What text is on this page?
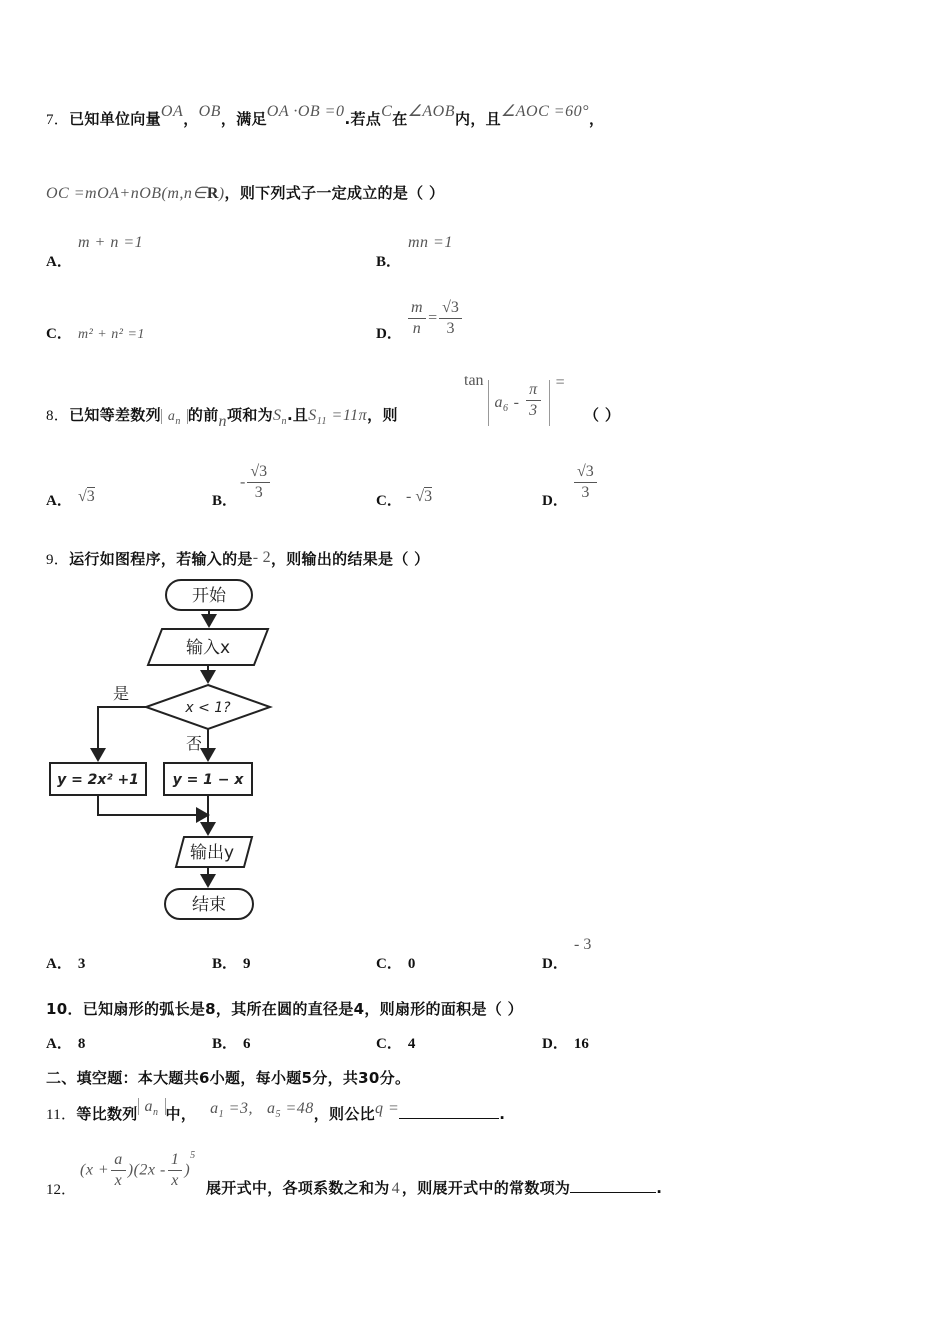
7．已知单位向量OA，OB，满足OA ·OB =0.若点C在∠AOB内，且∠AOC =60°，
OC =mOA+nOB(m,n∈R)，则下列式子一定成立的是（ ）
A．
m + n =1
B．
mn =1
C． m² + n² =1	D． $\frac{m}{n} = \frac{√3}{3}$
8．已知等差数列 $a_n$ 的前n项和为$S_n$.且$S_{11} =11\pi$，则
$\tan a_6 - \frac{\pi}{3}$ =
（ ）
A． √3	B．
- $\frac{√3}{3}$	C． - √3	D． $\frac{√3}{3}$
9．运行如图程序，若输入的是- 2，则输出的结果是（ ）
开始
输入x
x < 1?
是
y = 2x² +1
否
y = 1 − x
输出y
结束
A． 3	B． 9	C． 0	D．
- 3
10．已知扇形的弧长是8，其所在圆的直径是4，则扇形的面积是（ ）
A． 8	B． 6	C． 4	D． 16
二、填空题：本大题共6小题，每小题5分，共30分。
11．等比数列 $a_n$ 中， $a_1 =3$, $a_5 =48$，则公比q =	.
12．
$(x + \frac{a}{x} )(2x - \frac{1}{x} )^5$
展开式中，各项系数之和为 4 ，则展开式中的常数项为	.
